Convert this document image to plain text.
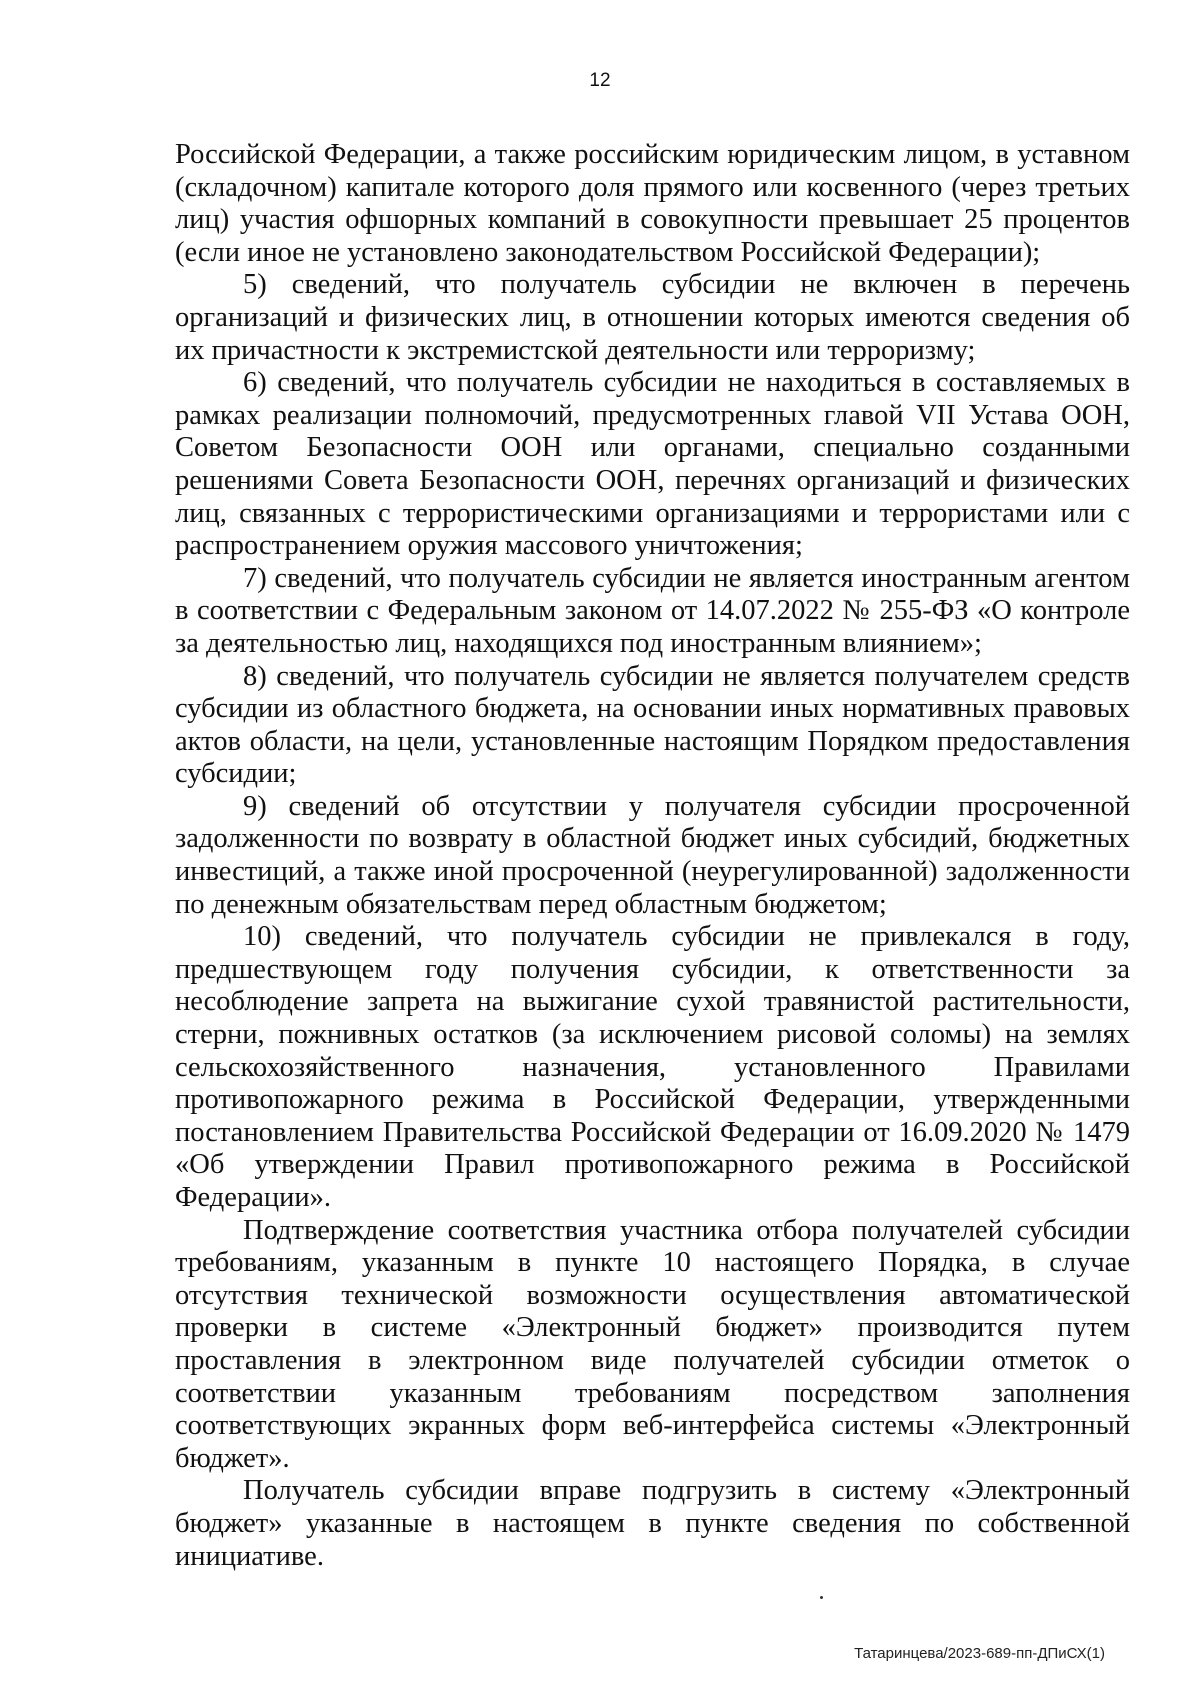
12

Российской Федерации, а также российским юридическим лицом, в уставном (складочном) капитале которого доля прямого или косвенного (через третьих лиц) участия офшорных компаний в совокупности превышает 25 процентов (если иное не установлено законодательством Российской Федерации);

5) сведений, что получатель субсидии не включен в перечень организаций и физических лиц, в отношении которых имеются сведения об их причастности к экстремистской деятельности или терроризму;

6) сведений, что получатель субсидии не находиться в составляемых в рамках реализации полномочий, предусмотренных главой VII Устава ООН, Советом Безопасности ООН или органами, специально созданными решениями Совета Безопасности ООН, перечнях организаций и физических лиц, связанных с террористическими организациями и террористами или с распространением оружия массового уничтожения;

7) сведений, что получатель субсидии не является иностранным агентом в соответствии с Федеральным законом от 14.07.2022 № 255-ФЗ «О контроле за деятельностью лиц, находящихся под иностранным влиянием»;

8) сведений, что получатель субсидии не является получателем средств субсидии из областного бюджета, на основании иных нормативных правовых актов области, на цели, установленные настоящим Порядком предоставления субсидии;

9) сведений об отсутствии у получателя субсидии просроченной задолженности по возврату в областной бюджет иных субсидий, бюджетных инвестиций, а также иной просроченной (неурегулированной) задолженности по денежным обязательствам перед областным бюджетом;

10) сведений, что получатель субсидии не привлекался в году, предшествующем году получения субсидии, к ответственности за несоблюдение запрета на выжигание сухой травянистой растительности, стерни, пожнивных остатков (за исключением рисовой соломы) на землях сельскохозяйственного назначения, установленного Правилами противопожарного режима в Российской Федерации, утвержденными постановлением Правительства Российской Федерации от 16.09.2020 № 1479 «Об утверждении Правил противопожарного режима в Российской Федерации».

Подтверждение соответствия участника отбора получателей субсидии требованиям, указанным в пункте 10 настоящего Порядка, в случае отсутствия технической возможности осуществления автоматической проверки в системе «Электронный бюджет» производится путем проставления в электронном виде получателей субсидии отметок о соответствии указанным требованиям посредством заполнения соответствующих экранных форм веб-интерфейса системы «Электронный бюджет».

Получатель субсидии вправе подгрузить в систему «Электронный бюджет» указанные в настоящем в пункте сведения по собственной инициативе.

Татаринцева/2023-689-пп-ДПиСХ(1)
